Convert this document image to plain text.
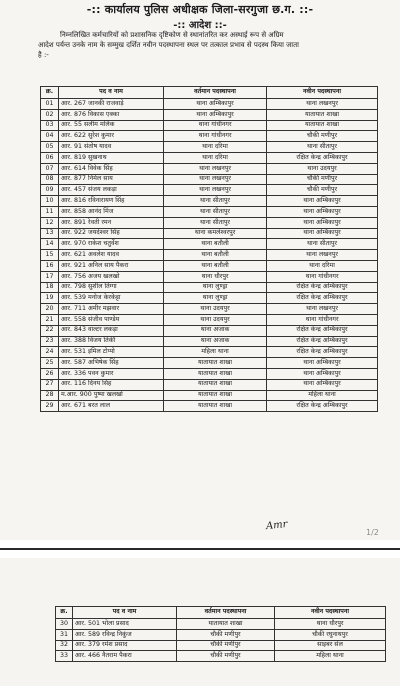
-:: कार्यालय पुलिस अधीक्षक जिला-सरगुजा छ.ग. ::-
-:: आदेश ::-

निम्नलिखित कर्मचारियों को प्रशासनिक दृष्टिकोण से स्थानांतरित कर अस्थाई रूप से अग्रिम

आदेश पर्यन्त उनके नाम के सम्मुख दर्शित नवीन पदस्थापना स्थल पर तत्काल प्रभाव से पदस्थ किया जाता
है :-
क्र.	पद व नाम	वर्तमान पदस्थापना	नवीन पदस्थापना
01	आर. 267 जानकी राजवाड़े	थाना अम्बिकापुर	थाना लखनपुर
02	आर. 876 विकास एक्का	थाना अम्बिकापुर	यातायात शाखा
03	आर. 55 सलीम मलिक	थाना गांधीनगर	यातायात शाखा
04	आर. 622 सुरेश कुमार	थाना गांधीनगर	चौकी मणीपुर
05	आर. 91 संतोष यादव	थाना दरिमा	थाना सीतापुर
06	आर. 819 सुखनाथ	थाना दरिमा	रक्षित केन्द्र अम्बिकापुर
07	आर. 614 विवेक सिंह	थाना लखनपुर	थाना उदयपुर
08	आर. 877 निर्मल साय	थाना लखनपुर	चौकी मणीपुर
09	आर. 457 संजय लकड़ा	थाना लखनपुर	चौकी मणीपुर
10	आर. 816 रविनारायण सिंह	थाना सीतापुर	थाना अम्बिकापुर
11	आर. 858 आनंद मिंज	थाना सीतापुर	थाना अम्बिकापुर
12	आर. 891 रेवती रमन	थाना सीतापुर	थाना अम्बिकापुर
13	आर. 922 जयदेश्वर सिंह	थाना कमलेश्वरपुर	थाना अम्बिकापुर
14	आर. 970 राकेश चतुर्वेश	थाना बतौली	थाना सीतापुर
15	आर. 621 अवलेश यादव	थाना बतौली	थाना लखनपुर
16	आर. 921 अनिल साय पैकरा	थाना बतौली	थाना दरिमा
17	आर. 756 अजय खलखो	थाना धौरपुर	थाना गांधीनगर
18	आर. 798 सुशील तिग्गा	थाना लुण्ड्रा	रक्षित केन्द्र अम्बिकापुर
19	आर. 539 मनोज केरकेट्टा	थाना लुण्ड्रा	रक्षित केन्द्र अम्बिकापुर
20	आर. 711 अमीर मझवार	थाना उदयपुर	थाना लखनपुर
21	आर. 558 संजीव पाण्डेय	थाना उदयपुर	थाना गांधीनगर
22	आर. 843 वाल्टर लकड़ा	थाना अजाक	रक्षित केन्द्र अम्बिकापुर
23	आर. 388 विजय तिर्की	थाना अजाक	रक्षित केन्द्र अम्बिकापुर
24	आर. 531 इमिल टोप्पो	महिला थाना	रक्षित केन्द्र अम्बिकापुर
25	आर. 587 अभिषेक सिंह	यातायात शाखा	थाना अम्बिकापुर
26	आर. 336 पवन कुमार	यातायात शाखा	थाना अम्बिकापुर
27	आर. 116 दिनय सिंह	यातायात शाखा	थाना अम्बिकापुर
28	म.आर. 900 पुष्पा खलखो	यातायात शाखा	महिला थाना
29	आर. 671 बरत लाल	यातायात शाखा	रक्षित केन्द्र अम्बिकापुर
Amr
1/2
क्र.	पद व नाम	वर्तमान पदस्थापना	नवीन पदस्थापना
30	आर. 501 भोला प्रसाद	यातायात शाखा	थाना धौरपुर
31	आर. 589 रविन्द्र निकुंज	चौकी मणीपुर	चौकी रघुनाथपुर
32	आर. 379 रमेश प्रसाद	चौकी मणीपुर	साइबर सेल
33	आर. 466 नैतराम पैकरा	चौकी मणीपुर	महिला थाना
